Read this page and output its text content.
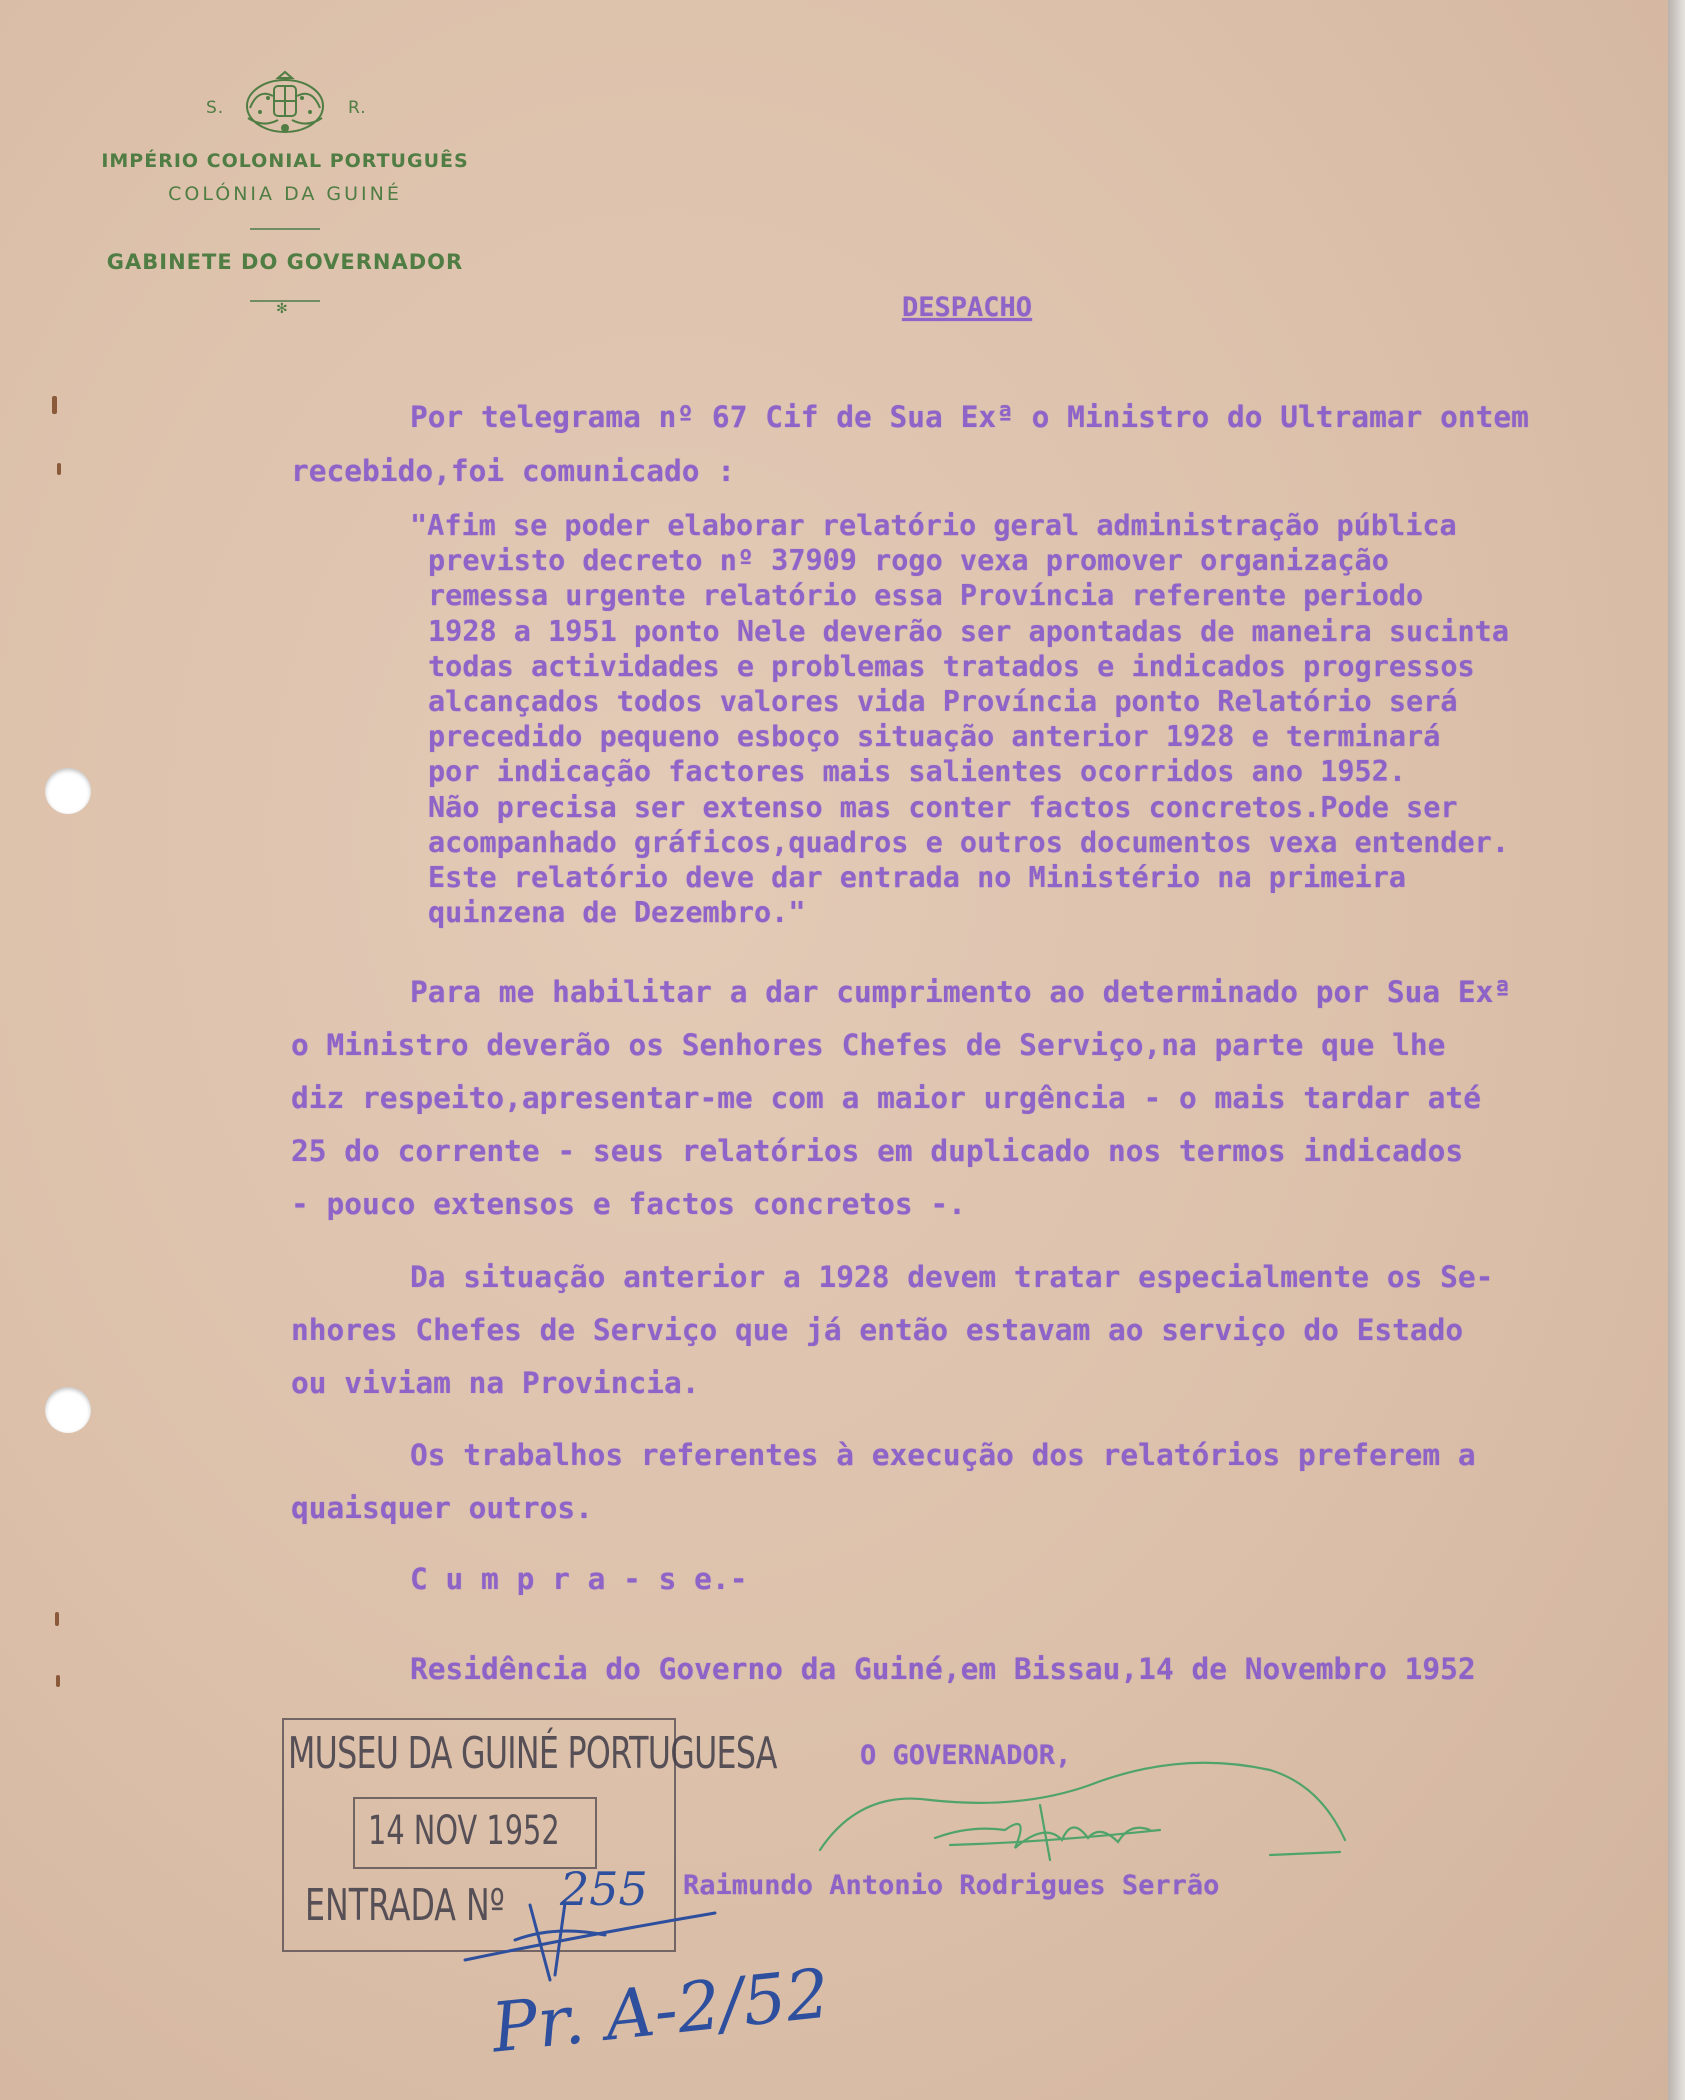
S.	R.
IMPÉRIO COLONIAL PORTUGUÊS
COLÓNIA DA GUINÉ
GABINETE DO GOVERNADOR
✻	DESPACHO
Por telegrama nº 67 Cif de Sua Exª o Ministro do Ultramar ontem
recebido,foi comunicado :
"Afim se poder elaborar relatório geral administração pública
previsto decreto nº 37909 rogo vexa promover organização
remessa urgente relatório essa Província referente periodo
1928 a 1951 ponto Nele deverão ser apontadas de maneira sucinta
todas actividades e problemas tratados e indicados progressos
alcançados todos valores vida Província ponto Relatório será
precedido pequeno esboço situação anterior 1928 e terminará
por indicação factores mais salientes ocorridos ano 1952.
Não precisa ser extenso mas conter factos concretos.Pode ser
acompanhado gráficos,quadros e outros documentos vexa entender.
Este relatório deve dar entrada no Ministério na primeira
quinzena de Dezembro."
Para me habilitar a dar cumprimento ao determinado por Sua Exª
o Ministro deverão os Senhores Chefes de Serviço,na parte que lhe
diz respeito,apresentar-me com a maior urgência - o mais tardar até
25 do corrente - seus relatórios em duplicado nos termos indicados
- pouco extensos e factos concretos -.
Da situação anterior a 1928 devem tratar especialmente os Se-
nhores Chefes de Serviço que já então estavam ao serviço do Estado
ou viviam na Provincia.
Os trabalhos referentes à execução dos relatórios preferem a
quaisquer outros.
C u m p r a - s e.-
Residência do Governo da Guiné,em Bissau,14 de Novembro 1952
O GOVERNADOR,
Raimundo Antonio Rodrigues Serrão
MUSEU DA GUINÉ PORTUGUESA
14 NOV 1952
ENTRADA Nº 255
Pr. A-2/52
